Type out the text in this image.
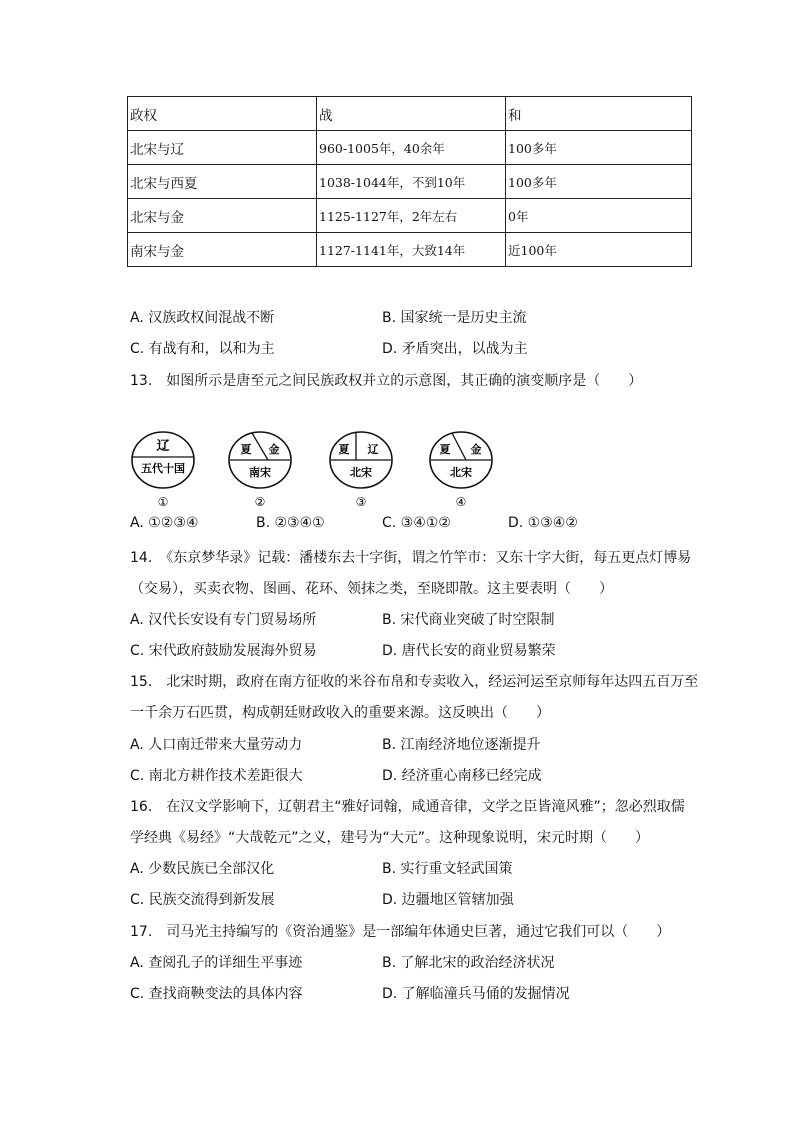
政权	战	和
北宋与辽	960-1005年，40余年	100多年
北宋与西夏	1038-1044年，不到10年	100多年
北宋与金	1125-1127年，2年左右	0年
南宋与金	1127-1141年，大致14年	近100年
A. 汉族政权间混战不断	B. 国家统一是历史主流
C. 有战有和，以和为主	D. 矛盾突出，以战为主
13.　如图所示是唐至元之间民族政权并立的示意图，其正确的演变顺序是（　　）
辽
五代十国
①
夏 金
南宋
②
夏 辽
北宋
③
夏 金
北宋
④
A. ①②③④	B. ②③④①	C. ③④①②	D. ①③④②
14.　《东京梦华录》记载：潘楼东去十字街，谓之竹竿市：又东十字大街，每五更点灯博易
（交易），买卖衣物、图画、花环、领抹之类，至晓即散。这主要表明（　　）
A. 汉代长安设有专门贸易场所	B. 宋代商业突破了时空限制
C. 宋代政府鼓励发展海外贸易	D. 唐代长安的商业贸易繁荣
15.　北宋时期，政府在南方征收的米谷布帛和专卖收入，经运河运至京师每年达四五百万至
一千余万石匹贯，构成朝廷财政收入的重要来源。这反映出（　　）
A. 人口南迁带来大量劳动力	B. 江南经济地位逐渐提升
C. 南北方耕作技术差距很大	D. 经济重心南移已经完成
16.　在汉文学影响下，辽朝君主“雅好词翰，咸通音律，文学之臣皆滝风雅”；忽必烈取儒
学经典《易经》“大哉乾元”之义，建号为“大元”。这种现象说明，宋元时期（　　）
A. 少数民族已全部汉化	B. 实行重文轻武国策
C. 民族交流得到新发展	D. 边疆地区管辖加强
17.　司马光主持编写的《资治通鉴》是一部编年体通史巨著，通过它我们可以（　　）
A. 查阅孔子的详细生平事迹	B. 了解北宋的政治经济状况
C. 查找商鞅变法的具体内容	D. 了解临潼兵马俑的发掘情况
